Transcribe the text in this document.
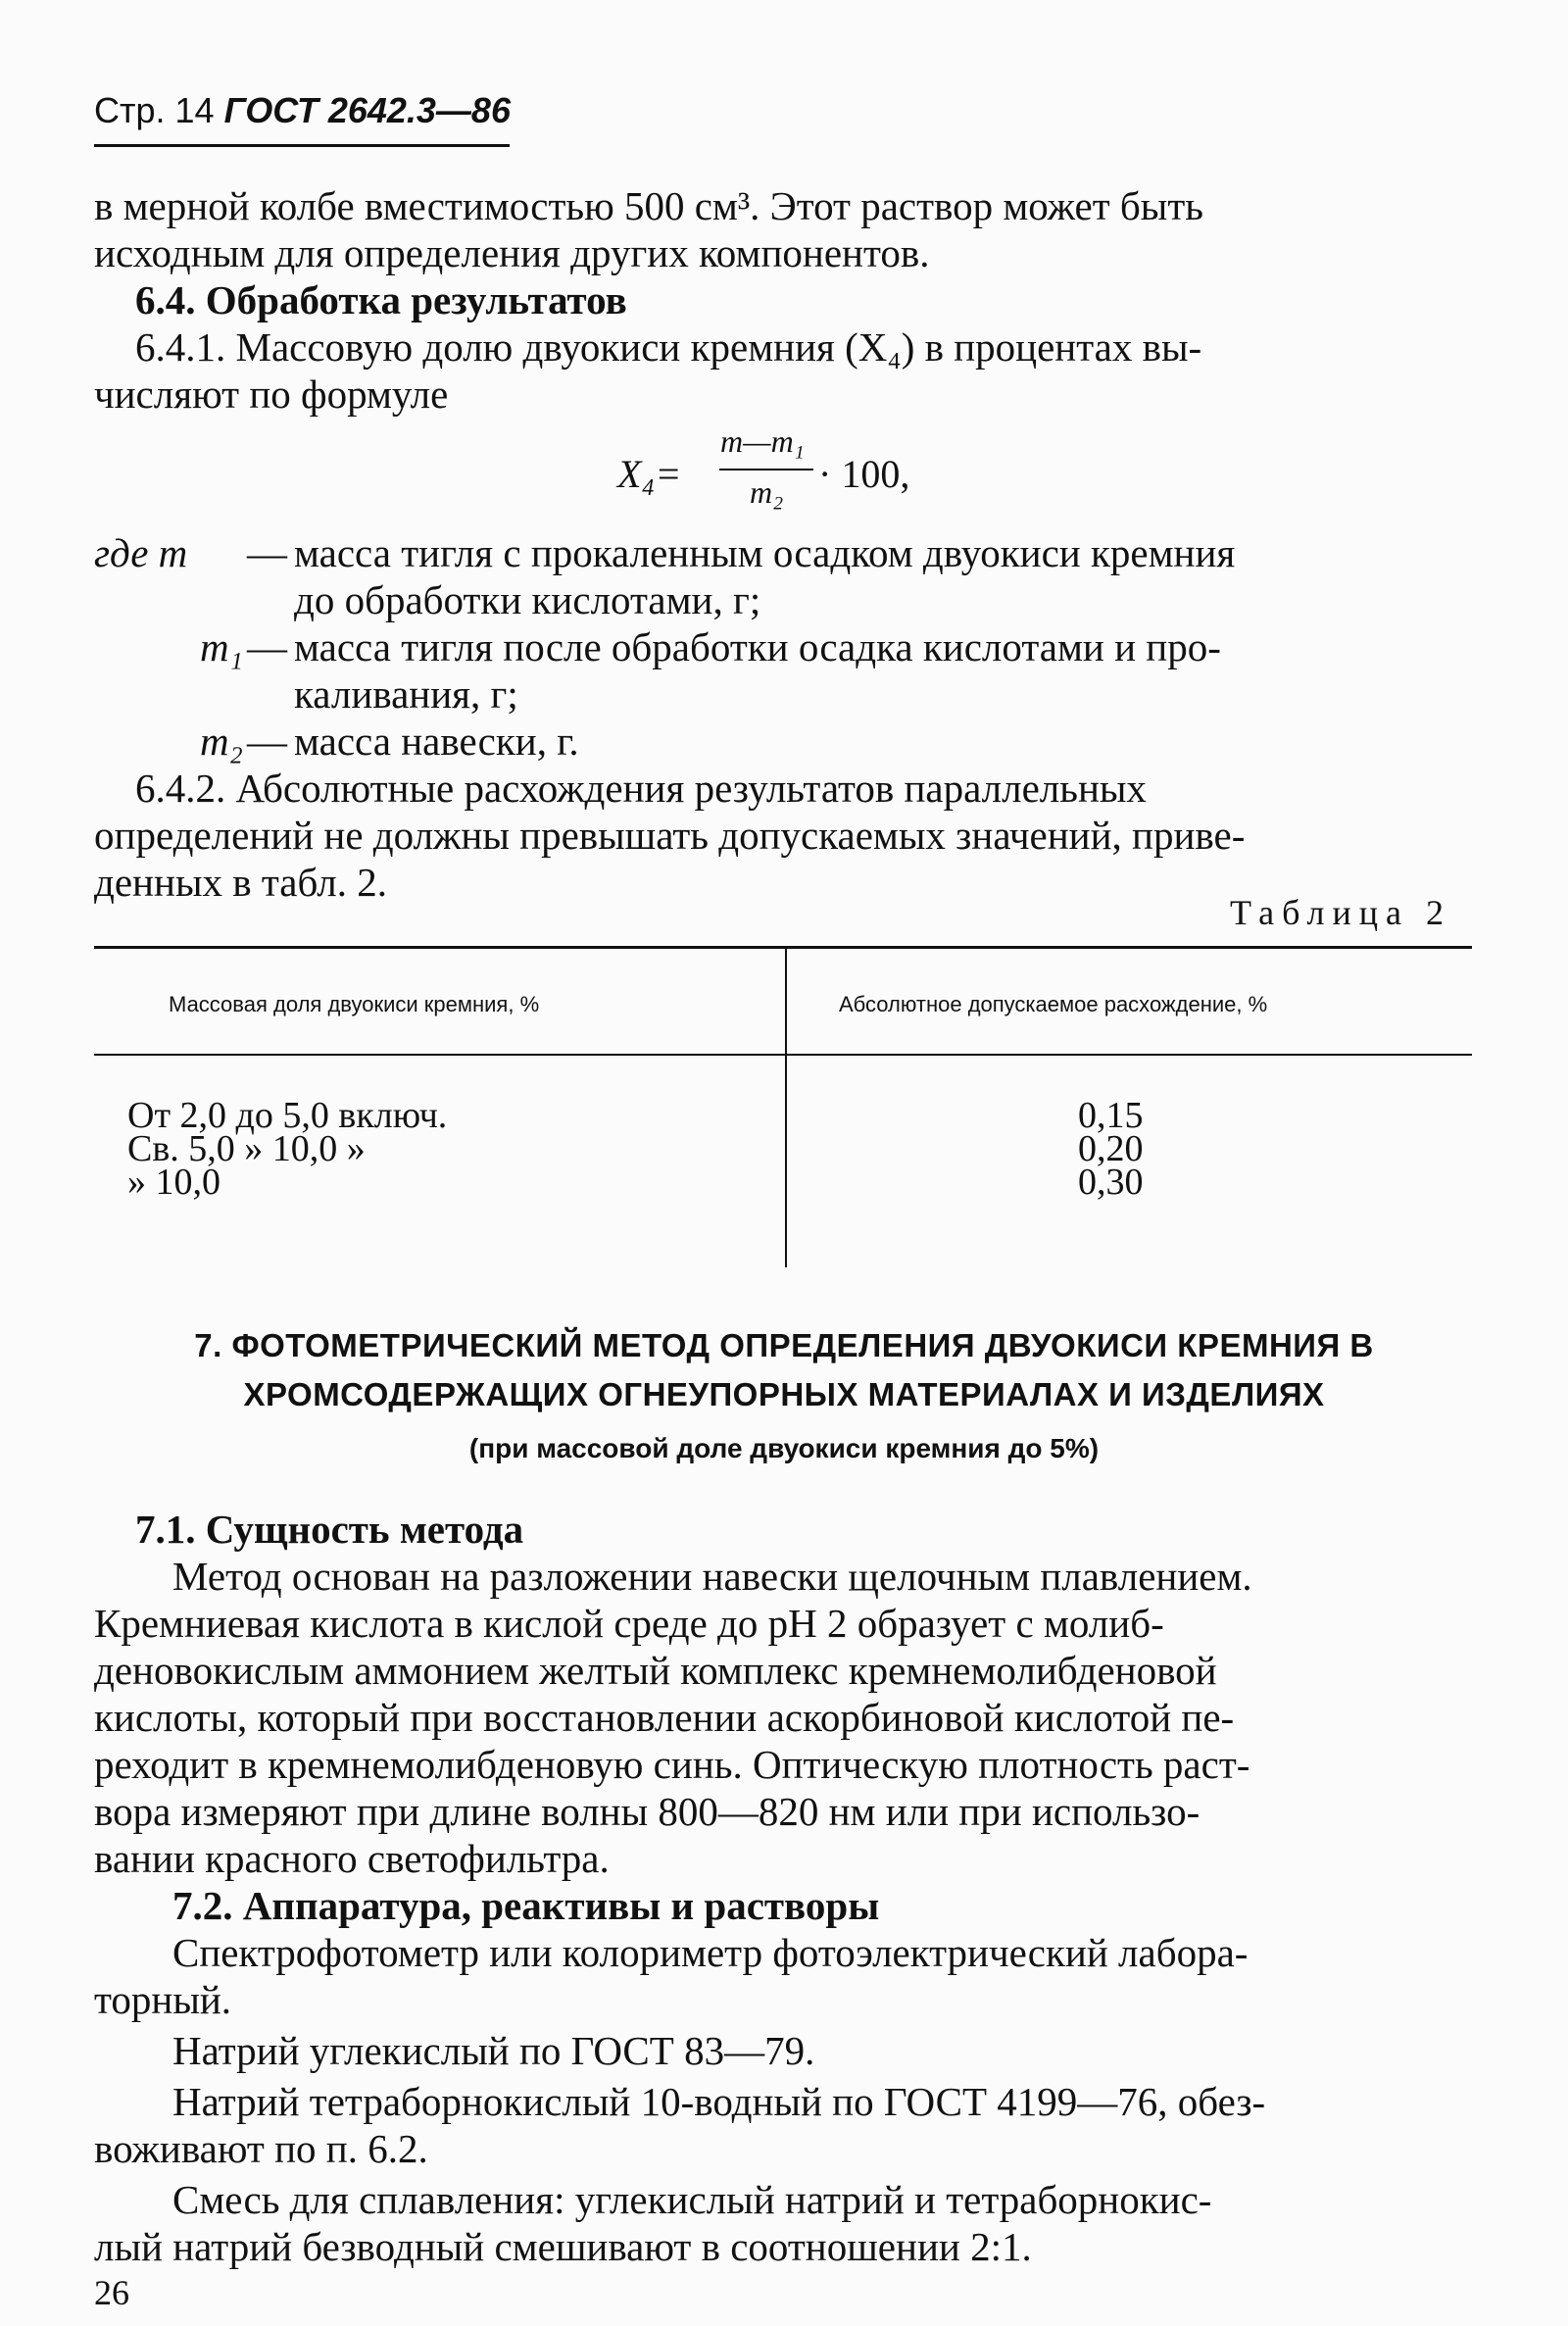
Стр. 14 ГОСТ 2642.3—86
в мерной колбе вместимостью 500 см³. Этот раствор может быть
исходным для определения других компонентов.
6.4. Обработка результатов
6.4.1. Массовую долю двуокиси кремния (X₄) в процентах вы-
числяют по формуле
X₄=
m—m₁
m₂ · 100,
где m — масса тигля с прокаленным осадком двуокиси кремния
до обработки кислотами, г;
m₁ — масса тигля после обработки осадка кислотами и про-
каливания, г;
m₂ — масса навески, г.
6.4.2. Абсолютные расхождения результатов параллельных
определений не должны превышать допускаемых значений, приве-
денных в табл. 2.
Таблица 2
Массовая доля двуокиси кремния, %	Абсолютное допускаемое расхождение, %
От 2,0 до 5,0 включ.	0,15
Св. 5,0 » 10,0 »	0,20
» 10,0	0,30
7. ФОТОМЕТРИЧЕСКИЙ МЕТОД ОПРЕДЕЛЕНИЯ ДВУОКИСИ КРЕМНИЯ В
ХРОМСОДЕРЖАЩИХ ОГНЕУПОРНЫХ МАТЕРИАЛАХ И ИЗДЕЛИЯХ
(при массовой доле двуокиси кремния до 5%)
7.1. Сущность метода
Метод основан на разложении навески щелочным плавлением.
Кремниевая кислота в кислой среде до рН 2 образует с молиб-
деновокислым аммонием желтый комплекс кремнемолибденовой
кислоты, который при восстановлении аскорбиновой кислотой пе-
реходит в кремнемолибденовую синь. Оптическую плотность раст-
вора измеряют при длине волны 800—820 нм или при использо-
вании красного светофильтра.
7.2. Аппаратура, реактивы и растворы
Спектрофотометр или колориметр фотоэлектрический лабора-
торный.
Натрий углекислый по ГОСТ 83—79.
Натрий тетраборнокислый 10-водный по ГОСТ 4199—76, обез-
воживают по п. 6.2.
Смесь для сплавления: углекислый натрий и тетраборнокис-
лый натрий безводный смешивают в соотношении 2:1.
26
